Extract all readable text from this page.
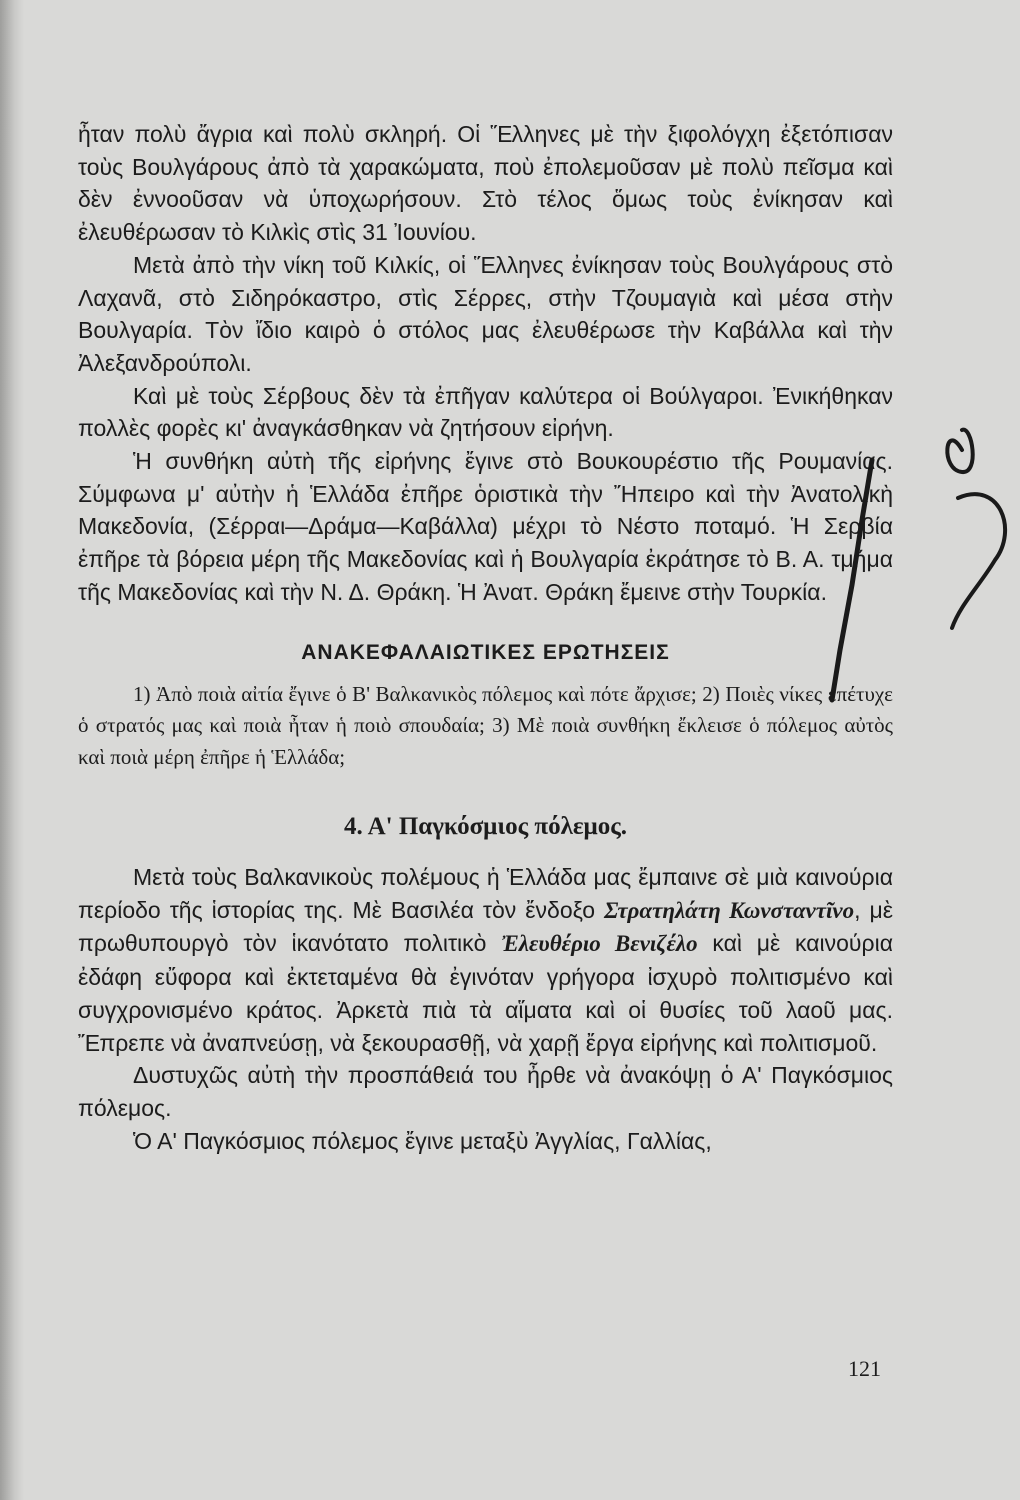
ἦταν πολὺ ἄγρια καὶ πολὺ σκληρή. Οἱ Ἕλληνες μὲ τὴν ξιφολόγχη ἐξετόπισαν τοὺς Βουλγάρους ἀπὸ τὰ χαρακώματα, ποὺ ἐπολεμοῦσαν μὲ πολὺ πεῖσμα καὶ δὲν ἐννοοῦσαν νὰ ὑποχωρήσουν. Στὸ τέλος ὅμως τοὺς ἐνίκησαν καὶ ἐλευθέρωσαν τὸ Κιλκὶς στὶς 31 Ἰουνίου.

Μετὰ ἀπὸ τὴν νίκη τοῦ Κιλκίς, οἱ Ἕλληνες ἐνίκησαν τοὺς Βουλγάρους στὸ Λαχανᾶ, στὸ Σιδηρόκαστρο, στὶς Σέρρες, στὴν Τζουμαγιὰ καὶ μέσα στὴν Βουλγαρία. Τὸν ἴδιο καιρὸ ὁ στόλος μας ἐλευθέρωσε τὴν Καβάλλα καὶ τὴν Ἀλεξανδρούπολι.

Καὶ μὲ τοὺς Σέρβους δὲν τὰ ἐπῆγαν καλύτερα οἱ Βούλγαροι. Ἐνικήθηκαν πολλὲς φορὲς κι' ἀναγκάσθηκαν νὰ ζητήσουν εἰρήνη.

Ἡ συνθήκη αὐτὴ τῆς εἰρήνης ἔγινε στὸ Βουκουρέστιο τῆς Ρουμανίας. Σύμφωνα μ' αὐτὴν ἡ Ἑλλάδα ἐπῆρε ὁριστικὰ τὴν Ἤπειρο καὶ τὴν Ἀνατολικὴ Μακεδονία, (Σέρραι—Δράμα—Καβάλλα) μέχρι τὸ Νέστο ποταμό. Ἡ Σερβία ἐπῆρε τὰ βόρεια μέρη τῆς Μακεδονίας καὶ ἡ Βουλγαρία ἐκράτησε τὸ Β. Α. τμήμα τῆς Μακεδονίας καὶ τὴν Ν. Δ. Θράκη. Ἡ Ἀνατ. Θράκη ἔμεινε στὴν Τουρκία.

ΑΝΑΚΕΦΑΛΑΙΩΤΙΚΕΣ ΕΡΩΤΗΣΕΙΣ

1) Ἀπὸ ποιὰ αἰτία ἔγινε ὁ Β' Βαλκανικὸς πόλεμος καὶ πότε ἄρχισε; 2) Ποιὲς νίκες ἐπέτυχε ὁ στρατός μας καὶ ποιὰ ἦταν ἡ ποιὸ σπουδαία; 3) Μὲ ποιὰ συνθήκη ἔκλεισε ὁ πόλεμος αὐτὸς καὶ ποιὰ μέρη ἐπῆρε ἡ Ἑλλάδα;

4. Α' Παγκόσμιος πόλεμος.

Μετὰ τοὺς Βαλκανικοὺς πολέμους ἡ Ἑλλάδα μας ἔμπαινε σὲ μιὰ καινούρια περίοδο τῆς ἱστορίας της. Μὲ Βασιλέα τὸν ἔνδοξο Στρατηλάτη Κωνσταντῖνο, μὲ πρωθυπουργὸ τὸν ἱκανότατο πολιτικὸ Ἐλευθέριο Βενιζέλο καὶ μὲ καινούρια ἐδάφη εὔφορα καὶ ἐκτεταμένα θὰ ἐγινόταν γρήγορα ἰσχυρὸ πολιτισμένο καὶ συγχρονισμένο κράτος. Ἀρκετὰ πιὰ τὰ αἵματα καὶ οἱ θυσίες τοῦ λαοῦ μας. Ἔπρεπε νὰ ἀναπνεύσῃ, νὰ ξεκουρασθῇ, νὰ χαρῇ ἔργα εἰρήνης καὶ πολιτισμοῦ.

Δυστυχῶς αὐτὴ τὴν προσπάθειά του ἦρθε νὰ ἀνακόψῃ ὁ Α' Παγκόσμιος πόλεμος.

Ὁ Α' Παγκόσμιος πόλεμος ἔγινε μεταξὺ Ἀγγλίας, Γαλλίας,

121
